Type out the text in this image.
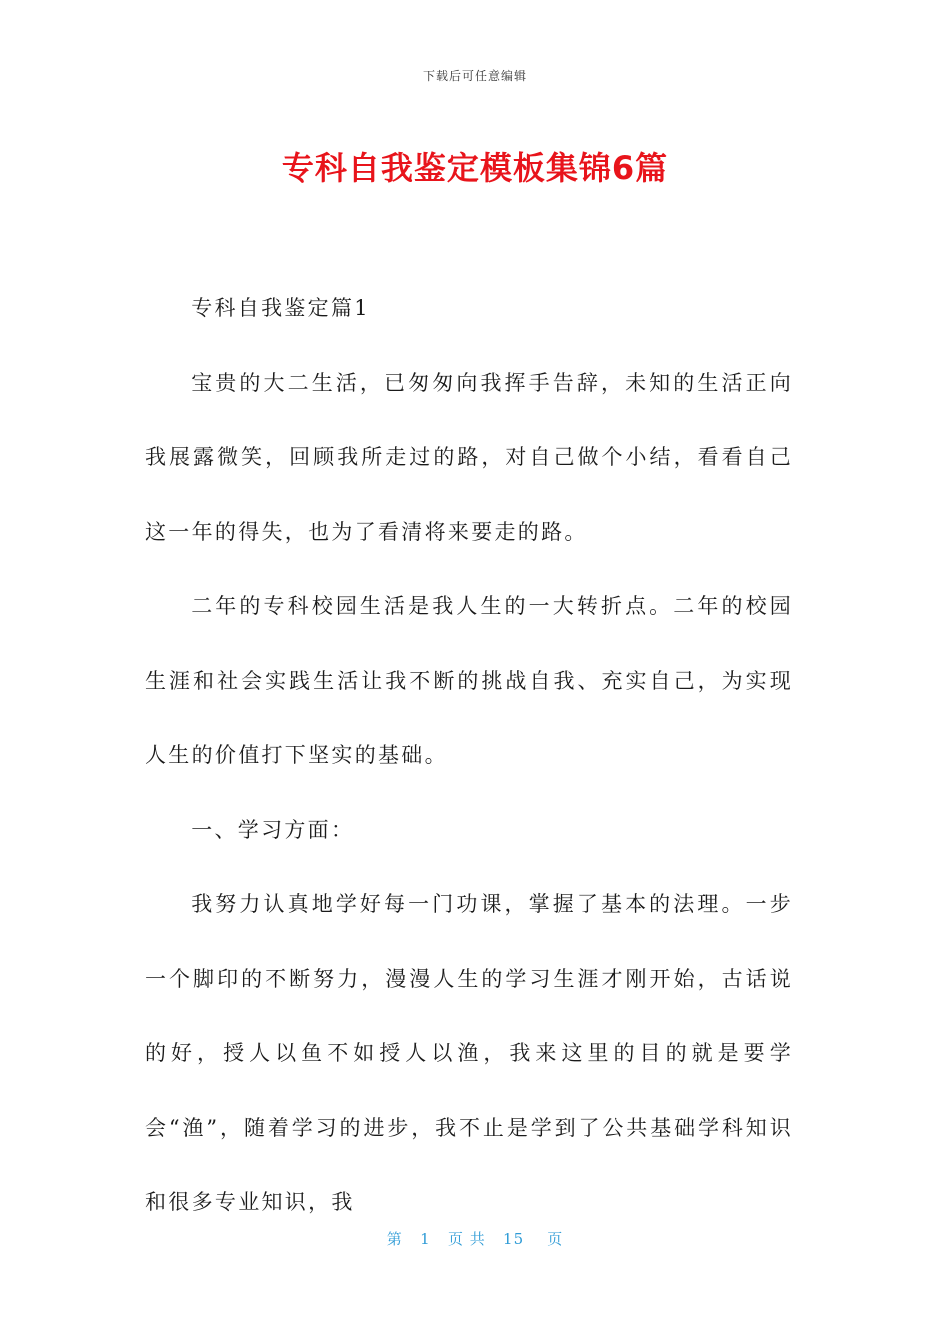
下载后可任意编辑
专科自我鉴定模板集锦6篇

专科自我鉴定篇1

宝贵的大二生活，已匆匆向我挥手告辞，未知的生活正向我展露微笑，回顾我所走过的路，对自己做个小结，看看自己这一年的得失，也为了看清将来要走的路。

二年的专科校园生活是我人生的一大转折点。二年的校园生涯和社会实践生活让我不断的挑战自我、充实自己，为实现人生的价值打下坚实的基础。

一、学习方面：

我努力认真地学好每一门功课，掌握了基本的法理。一步一个脚印的不断努力，漫漫人生的学习生涯才刚开始，古话说的好，授人以鱼不如授人以渔，我来这里的目的就是要学会“渔”，随着学习的进步，我不止是学到了公共基础学科知识和很多专业知识，我

第 1 页 共 15 页
